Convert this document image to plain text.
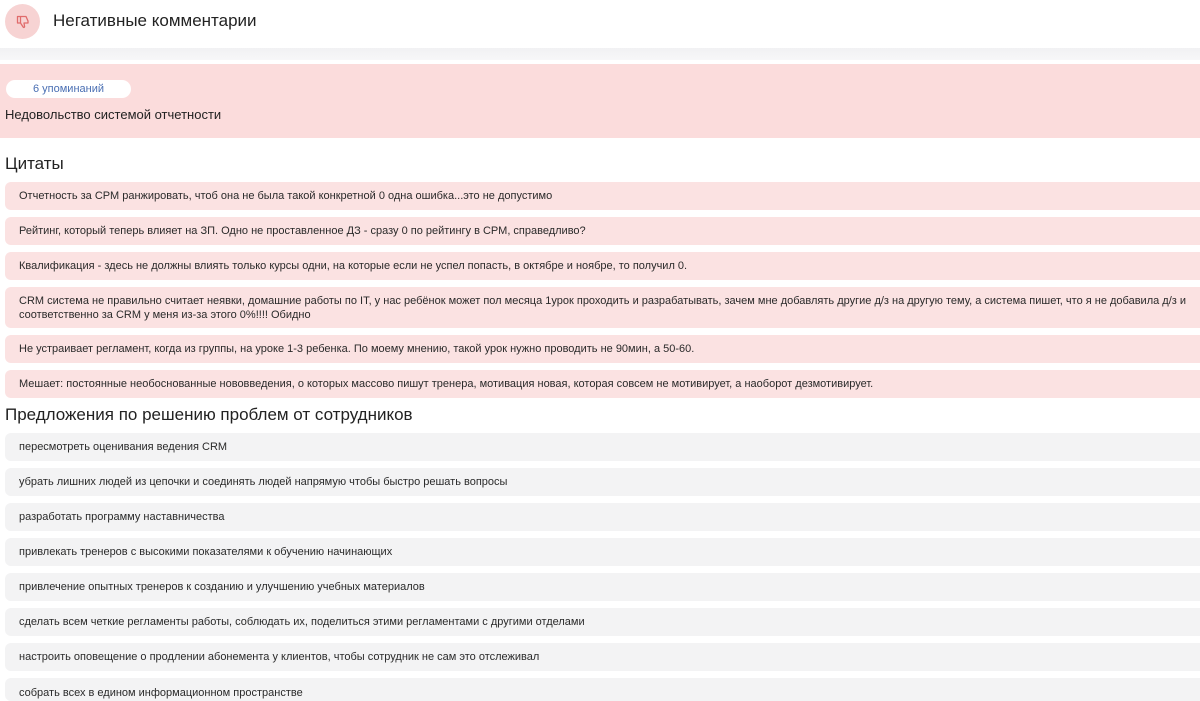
Негативные комментарии
6 упоминаний
Недовольство системой отчетности
Цитаты
Отчетность за СРМ ранжировать, чтоб она не была такой конкретной 0 одна ошибка...это не допустимо
Рейтинг, который теперь влияет на ЗП. Одно не проставленное ДЗ - сразу 0 по рейтингу в СРМ, справедливо?
Квалификация - здесь не должны влиять только курсы одни, на которые если не успел попасть, в октябре и ноябре, то получил 0.
CRM система не правильно считает неявки, домашние работы по IT, у нас ребёнок может пол месяца 1урок проходить и разрабатывать, зачем мне добавлять другие д/з на другую тему, а система пишет, что я не добавила д/з и соответственно за CRM у меня из-за этого 0%!!!! Обидно
Не устраивает регламент, когда из группы, на уроке 1-3 ребенка. По моему мнению, такой урок нужно проводить не 90мин, а 50-60.
Мешает: постоянные необоснованные нововведения, о которых массово пишут тренера, мотивация новая, которая совсем не мотивирует, а наоборот дезмотивирует.
Предложения по решению проблем от сотрудников
пересмотреть оценивания ведения CRM
убрать лишних людей из цепочки и соединять людей напрямую чтобы быстро решать вопросы
разработать программу наставничества
привлекать тренеров с высокими показателями к обучению начинающих
привлечение опытных тренеров к созданию и улучшению учебных материалов
сделать всем четкие регламенты работы, соблюдать их, поделиться этими регламентами с другими отделами
настроить оповещение о продлении абонемента у клиентов, чтобы сотрудник не сам это отслеживал
собрать всех в едином информационном пространстве
